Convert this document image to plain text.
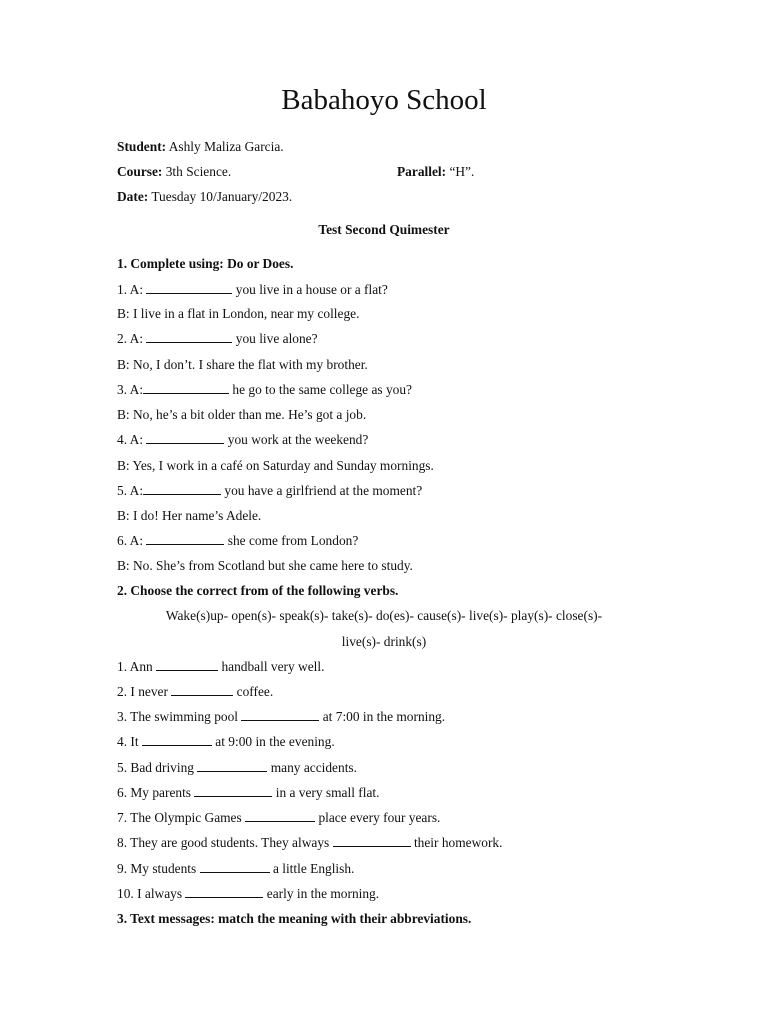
Babahoyo School
Student: Ashly Maliza Garcia.
Course: 3th Science.	Parallel: “H”.
Date: Tuesday 10/January/2023.
Test Second Quimester
1. Complete using: Do or Does.
1. A:	you live in a house or a flat?
B: I live in a flat in London, near my college.
2. A:	you live alone?
B: No, I don’t. I share the flat with my brother.
3. A:	he go to the same college as you?
B: No, he’s a bit older than me. He’s got a job.
4. A:	you work at the weekend?
B: Yes, I work in a café on Saturday and Sunday mornings.
5. A:	you have a girlfriend at the moment?
B: I do! Her name’s Adele.
6. A:	she come from London?
B: No. She’s from Scotland but she came here to study.
2. Choose the correct from of the following verbs.
Wake(s)up- open(s)- speak(s)- take(s)- do(es)- cause(s)- live(s)- play(s)- close(s)-
live(s)- drink(s)
1. Ann	handball very well.
2. I never	coffee.
3. The swimming pool	at 7:00 in the morning.
4. It	at 9:00 in the evening.
5. Bad driving	many accidents.
6. My parents	in a very small flat.
7. The Olympic Games	place every four years.
8. They are good students. They always	their homework.
9. My students	a little English.
10. I always	early in the morning.
3. Text messages: match the meaning with their abbreviations.
